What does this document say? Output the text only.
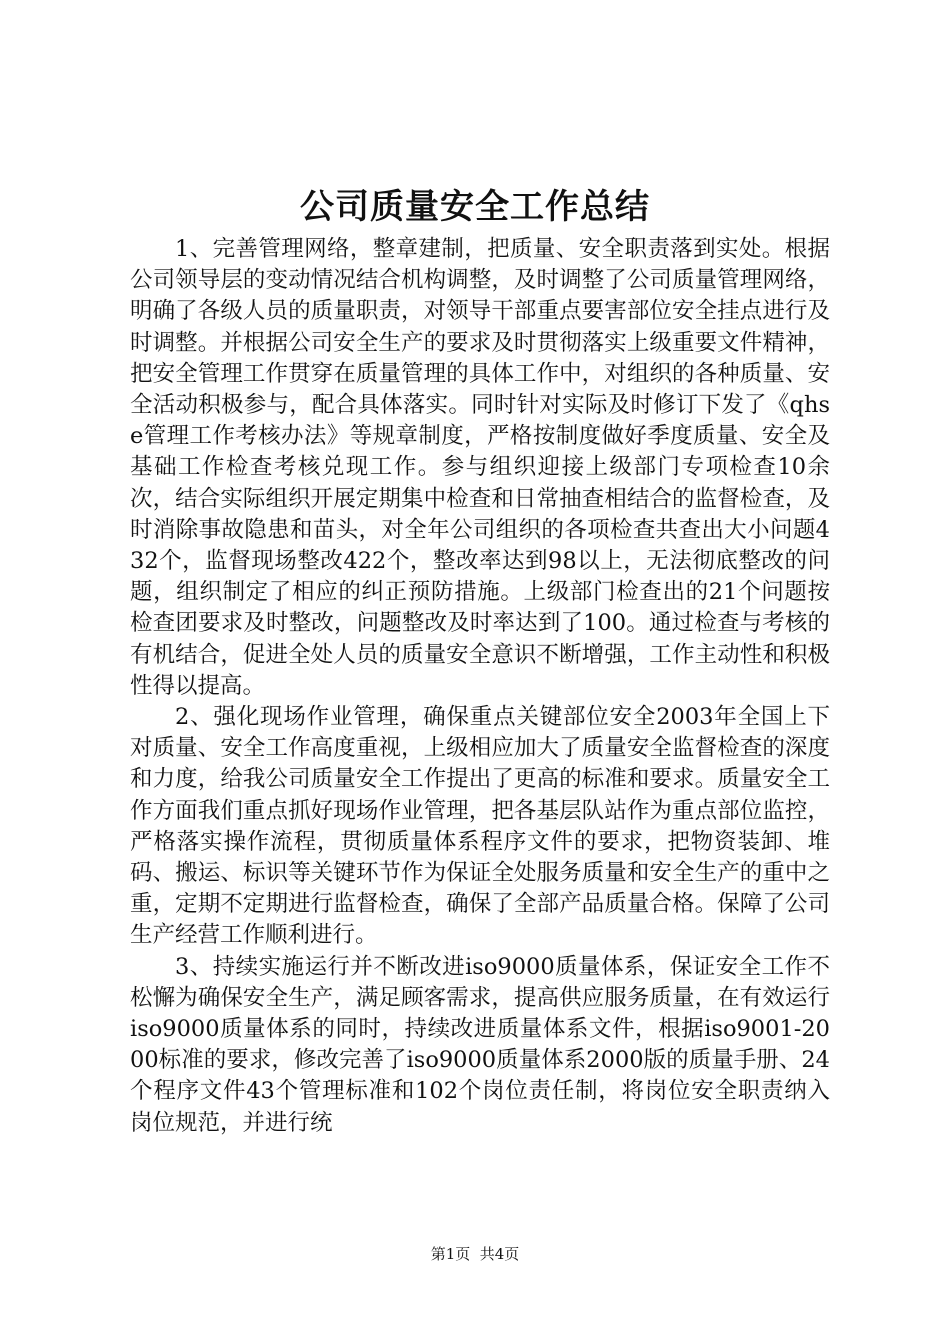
公司质量安全工作总结

1、完善管理网络，整章建制，把质量、安全职责落到实处。根据公司领导层的变动情况结合机构调整，及时调整了公司质量管理网络，明确了各级人员的质量职责，对领导干部重点要害部位安全挂点进行及时调整。并根据公司安全生产的要求及时贯彻落实上级重要文件精神，把安全管理工作贯穿在质量管理的具体工作中，对组织的各种质量、安全活动积极参与，配合具体落实。同时针对实际及时修订下发了《qhse管理工作考核办法》等规章制度，严格按制度做好季度质量、安全及基础工作检查考核兑现工作。参与组织迎接上级部门专项检查10余次，结合实际组织开展定期集中检查和日常抽查相结合的监督检查，及时消除事故隐患和苗头，对全年公司组织的各项检查共查出大小问题432个，监督现场整改422个，整改率达到98以上，无法彻底整改的问题，组织制定了相应的纠正预防措施。上级部门检查出的21个问题按检查团要求及时整改，问题整改及时率达到了100。通过检查与考核的有机结合，促进全处人员的质量安全意识不断增强，工作主动性和积极性得以提高。

2、强化现场作业管理，确保重点关键部位安全2003年全国上下对质量、安全工作高度重视，上级相应加大了质量安全监督检查的深度和力度，给我公司质量安全工作提出了更高的标准和要求。质量安全工作方面我们重点抓好现场作业管理，把各基层队站作为重点部位监控，严格落实操作流程，贯彻质量体系程序文件的要求，把物资装卸、堆码、搬运、标识等关键环节作为保证全处服务质量和安全生产的重中之重，定期不定期进行监督检查，确保了全部产品质量合格。保障了公司生产经营工作顺利进行。

3、持续实施运行并不断改进iso9000质量体系，保证安全工作不松懈为确保安全生产，满足顾客需求，提高供应服务质量，在有效运行iso9000质量体系的同时，持续改进质量体系文件，根据iso9001-2000标准的要求，修改完善了iso9000质量体系2000版的质量手册、24个程序文件43个管理标准和102个岗位责任制，将岗位安全职责纳入岗位规范，并进行统

第1页  共4页
